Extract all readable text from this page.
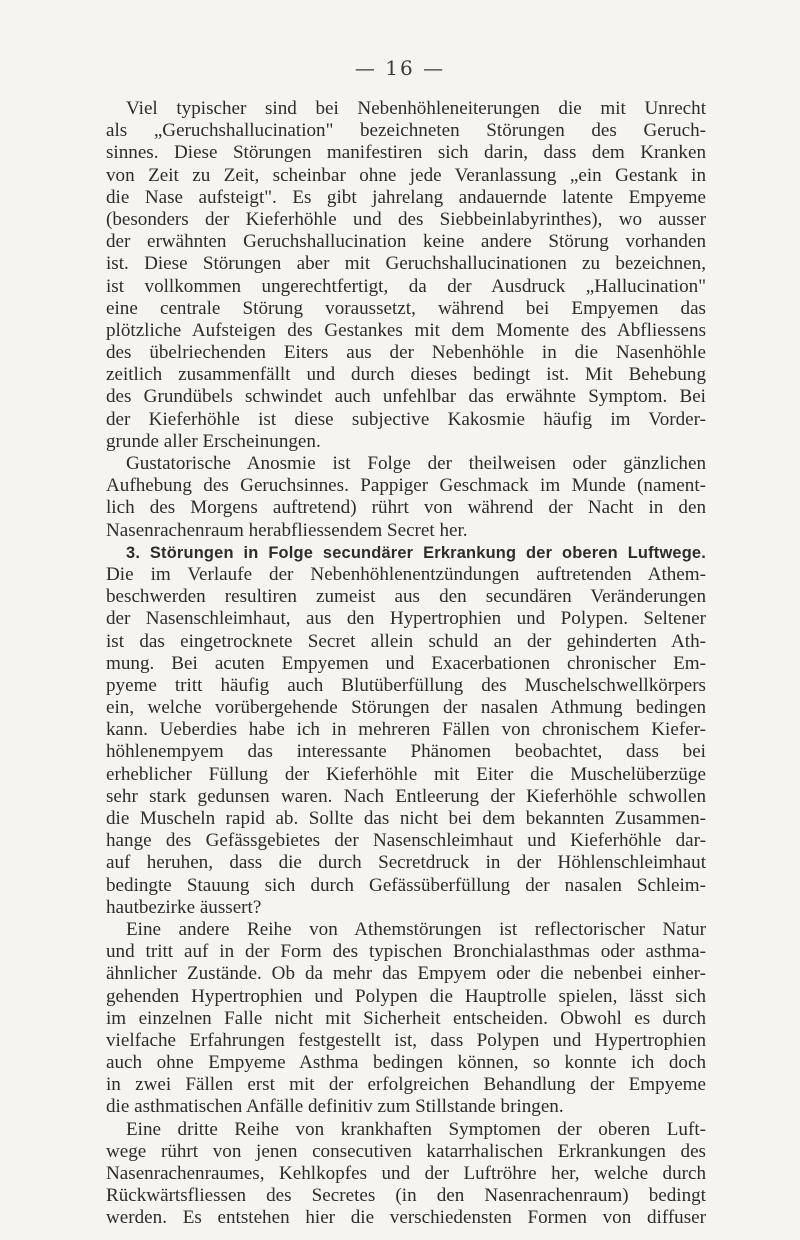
— 16 —
Viel typischer sind bei Nebenhöhleneiterungen die mit Unrecht
als „Geruchshallucination" bezeichneten Störungen des Geruch-
sinnes. Diese Störungen manifestiren sich darin, dass dem Kranken
von Zeit zu Zeit, scheinbar ohne jede Veranlassung „ein Gestank in
die Nase aufsteigt". Es gibt jahrelang andauernde latente Empyeme
(besonders der Kieferhöhle und des Siebbeinlabyrinthes), wo ausser
der erwähnten Geruchshallucination keine andere Störung vorhanden
ist. Diese Störungen aber mit Geruchshallucinationen zu bezeichnen,
ist vollkommen ungerechtfertigt, da der Ausdruck „Hallucination"
eine centrale Störung voraussetzt, während bei Empyemen das
plötzliche Aufsteigen des Gestankes mit dem Momente des Abfliessens
des übelriechenden Eiters aus der Nebenhöhle in die Nasenhöhle
zeitlich zusammenfällt und durch dieses bedingt ist. Mit Behebung
des Grundübels schwindet auch unfehlbar das erwähnte Symptom. Bei
der Kieferhöhle ist diese subjective Kakosmie häufig im Vorder-
grunde aller Erscheinungen.
Gustatorische Anosmie ist Folge der theilweisen oder gänzlichen
Aufhebung des Geruchsinnes. Pappiger Geschmack im Munde (nament-
lich des Morgens auftretend) rührt von während der Nacht in den
Nasenrachenraum herabfliessendem Secret her.
3. Störungen in Folge secundärer Erkrankung der oberen Luftwege.
Die im Verlaufe der Nebenhöhlenentzündungen auftretenden Athem-
beschwerden resultiren zumeist aus den secundären Veränderungen
der Nasenschleimhaut, aus den Hypertrophien und Polypen. Seltener
ist das eingetrocknete Secret allein schuld an der gehinderten Ath-
mung. Bei acuten Empyemen und Exacerbationen chronischer Em-
pyeme tritt häufig auch Blutüberfüllung des Muschelschwellkörpers
ein, welche vorübergehende Störungen der nasalen Athmung bedingen
kann. Ueberdies habe ich in mehreren Fällen von chronischem Kiefer-
höhlenempyem das interessante Phänomen beobachtet, dass bei
erheblicher Füllung der Kieferhöhle mit Eiter die Muschelüberzüge
sehr stark gedunsen waren. Nach Entleerung der Kieferhöhle schwollen
die Muscheln rapid ab. Sollte das nicht bei dem bekannten Zusammen-
hange des Gefässgebietes der Nasenschleimhaut und Kieferhöhle dar-
auf heruhen, dass die durch Secretdruck in der Höhlenschleimhaut
bedingte Stauung sich durch Gefässüberfüllung der nasalen Schleim-
hautbezirke äussert?
Eine andere Reihe von Athemstörungen ist reflectorischer Natur
und tritt auf in der Form des typischen Bronchialasthmas oder asthma-
ähnlicher Zustände. Ob da mehr das Empyem oder die nebenbei einher-
gehenden Hypertrophien und Polypen die Hauptrolle spielen, lässt sich
im einzelnen Falle nicht mit Sicherheit entscheiden. Obwohl es durch
vielfache Erfahrungen festgestellt ist, dass Polypen und Hypertrophien
auch ohne Empyeme Asthma bedingen können, so konnte ich doch
in zwei Fällen erst mit der erfolgreichen Behandlung der Empyeme
die asthmatischen Anfälle definitiv zum Stillstande bringen.
Eine dritte Reihe von krankhaften Symptomen der oberen Luft-
wege rührt von jenen consecutiven katarrhalischen Erkrankungen des
Nasenrachenraumes, Kehlkopfes und der Luftröhre her, welche durch
Rückwärtsfliessen des Secretes (in den Nasenrachenraum) bedingt
werden. Es entstehen hier die verschiedensten Formen von diffuser
